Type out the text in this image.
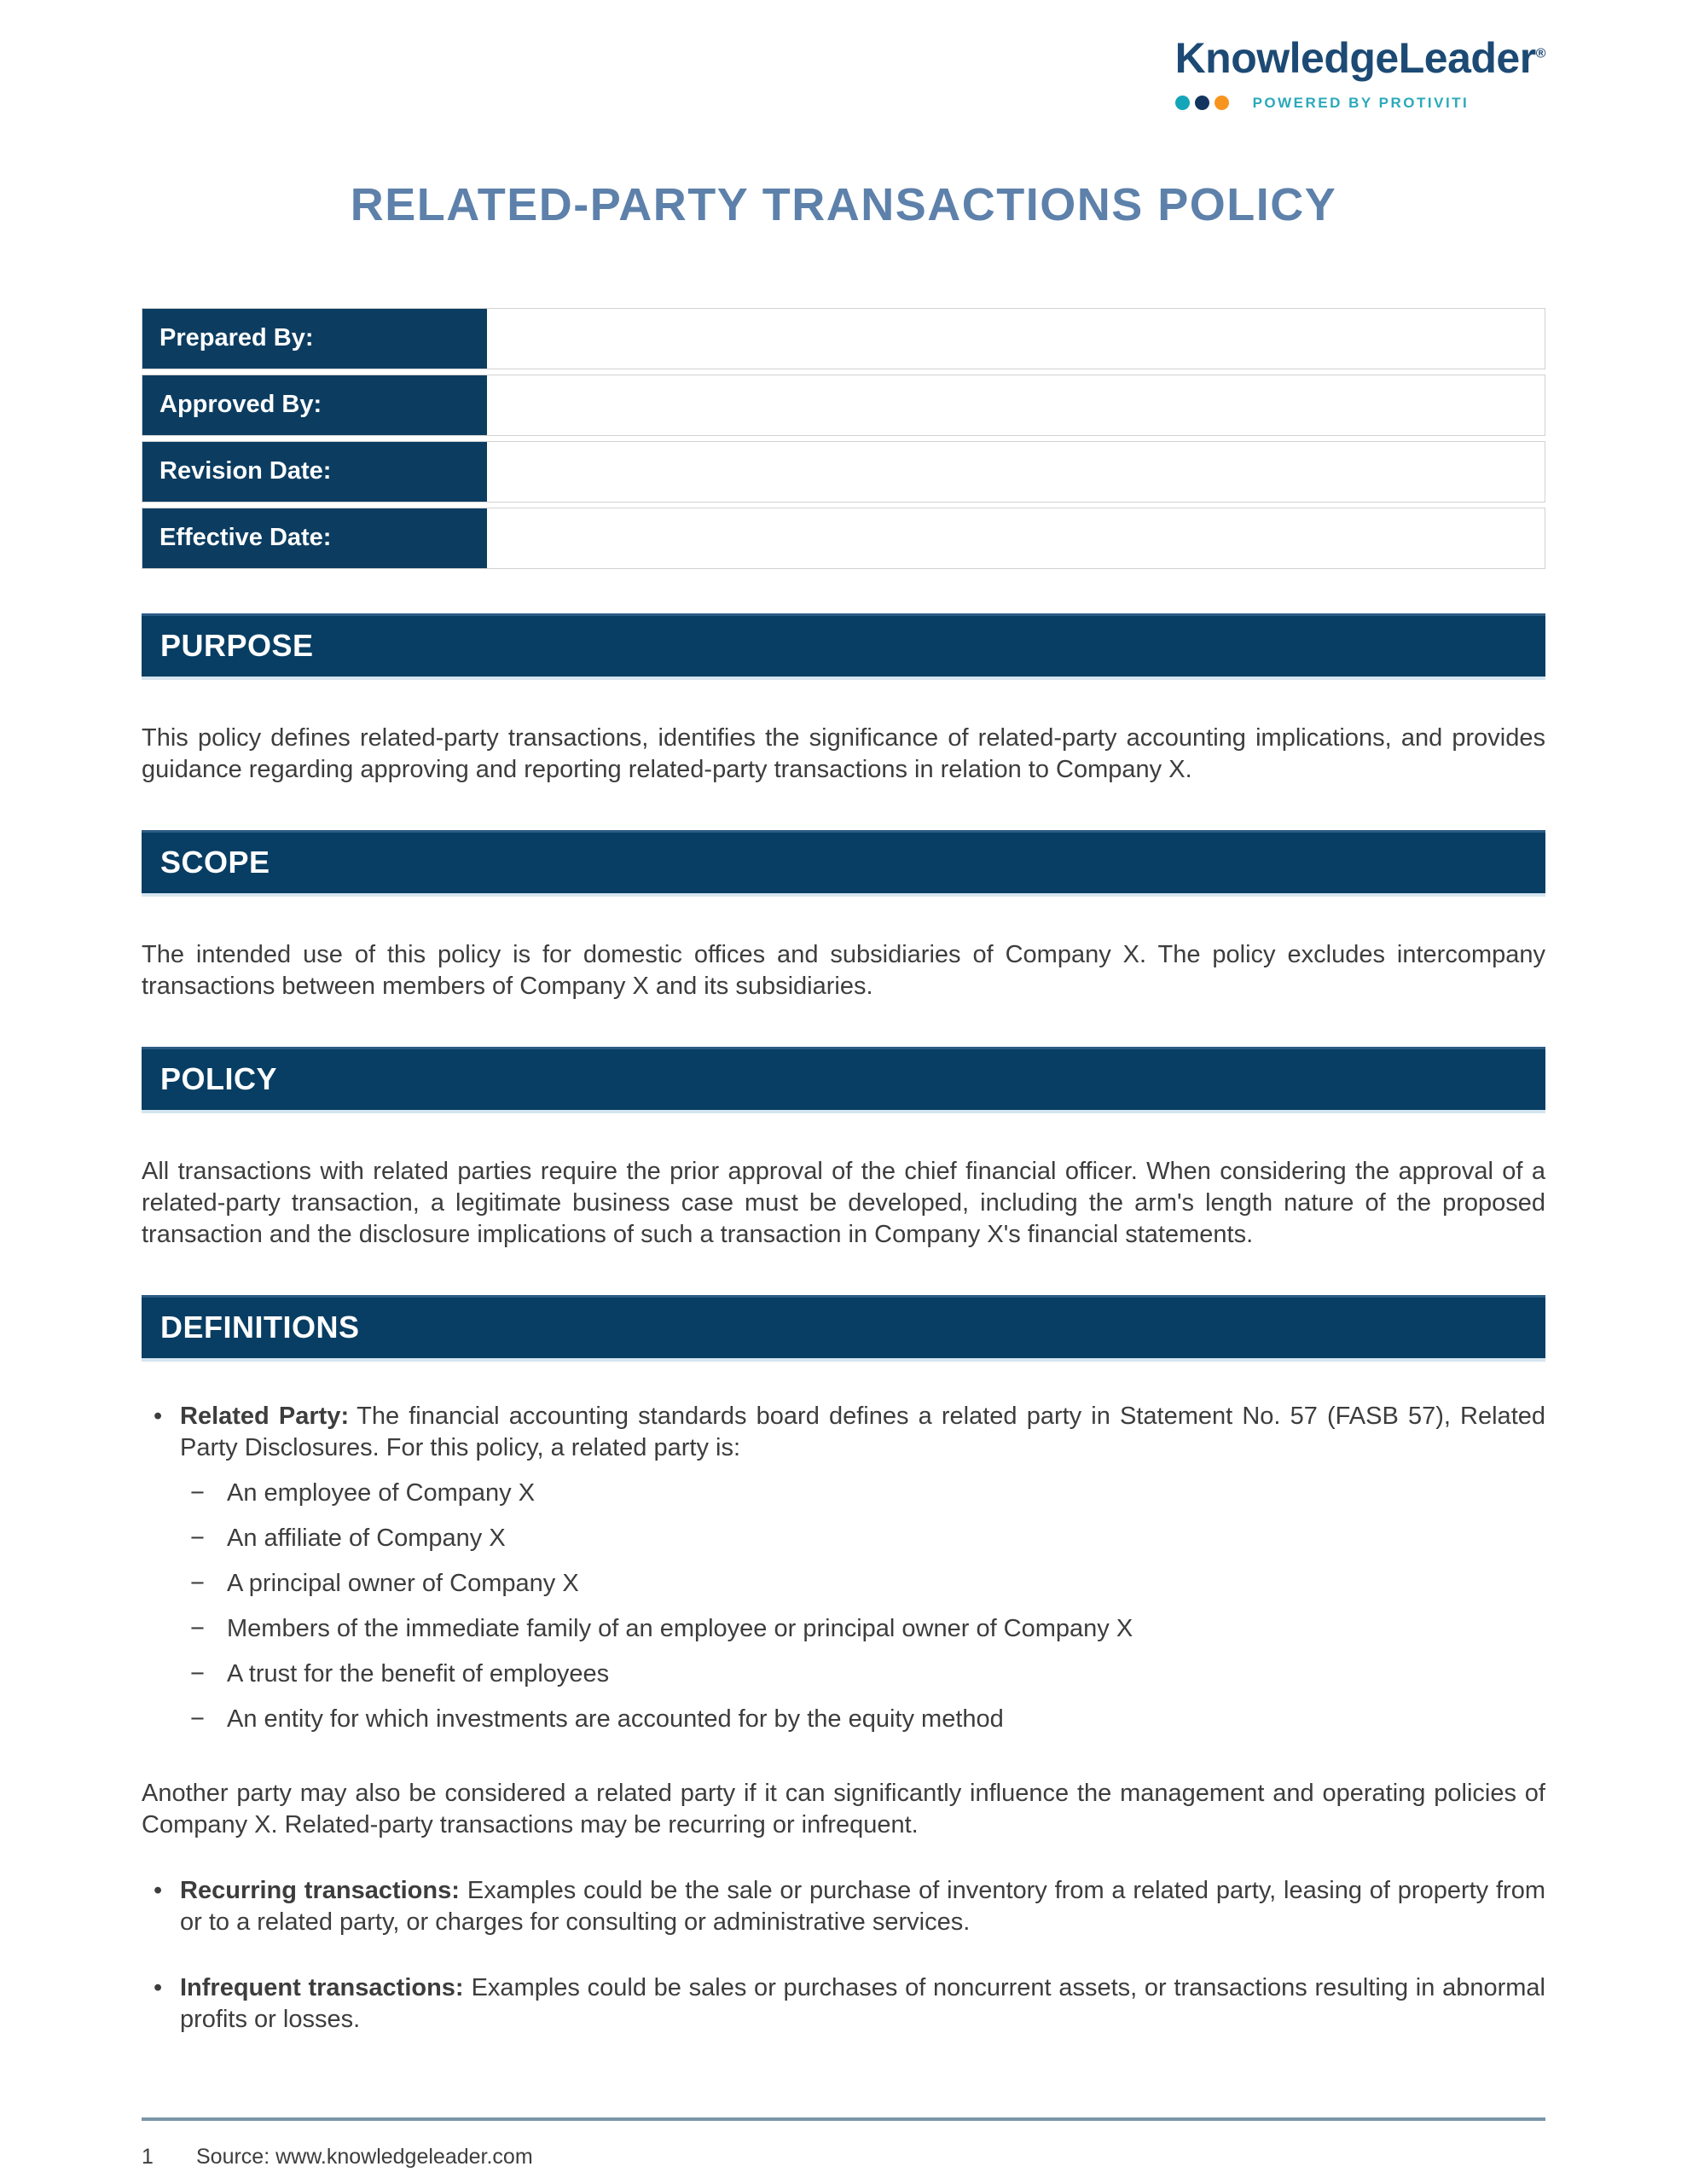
KnowledgeLeader®
POWERED BY PROTIVITI
RELATED-PARTY TRANSACTIONS POLICY
Prepared By:
Approved By:
Revision Date:
Effective Date:
PURPOSE

This policy defines related-party transactions, identifies the significance of related-party accounting implications, and provides guidance regarding approving and reporting related-party transactions in relation to Company X.

SCOPE

The intended use of this policy is for domestic offices and subsidiaries of Company X. The policy excludes intercompany transactions between members of Company X and its subsidiaries.

POLICY

All transactions with related parties require the prior approval of the chief financial officer. When considering the approval of a related-party transaction, a legitimate business case must be developed, including the arm's length nature of the proposed transaction and the disclosure implications of such a transaction in Company X's financial statements.

DEFINITIONS
• Related Party: The financial accounting standards board defines a related party in Statement No. 57 (FASB 57), Related Party Disclosures. For this policy, a related party is:
− An employee of Company X
− An affiliate of Company X
− A principal owner of Company X
− Members of the immediate family of an employee or principal owner of Company X
− A trust for the benefit of employees
− An entity for which investments are accounted for by the equity method

Another party may also be considered a related party if it can significantly influence the management and operating policies of Company X. Related-party transactions may be recurring or infrequent.

• Recurring transactions: Examples could be the sale or purchase of inventory from a related party, leasing of property from or to a related party, or charges for consulting or administrative services.
• Infrequent transactions: Examples could be sales or purchases of noncurrent assets, or transactions resulting in abnormal profits or losses.
1	Source: www.knowledgeleader.com
